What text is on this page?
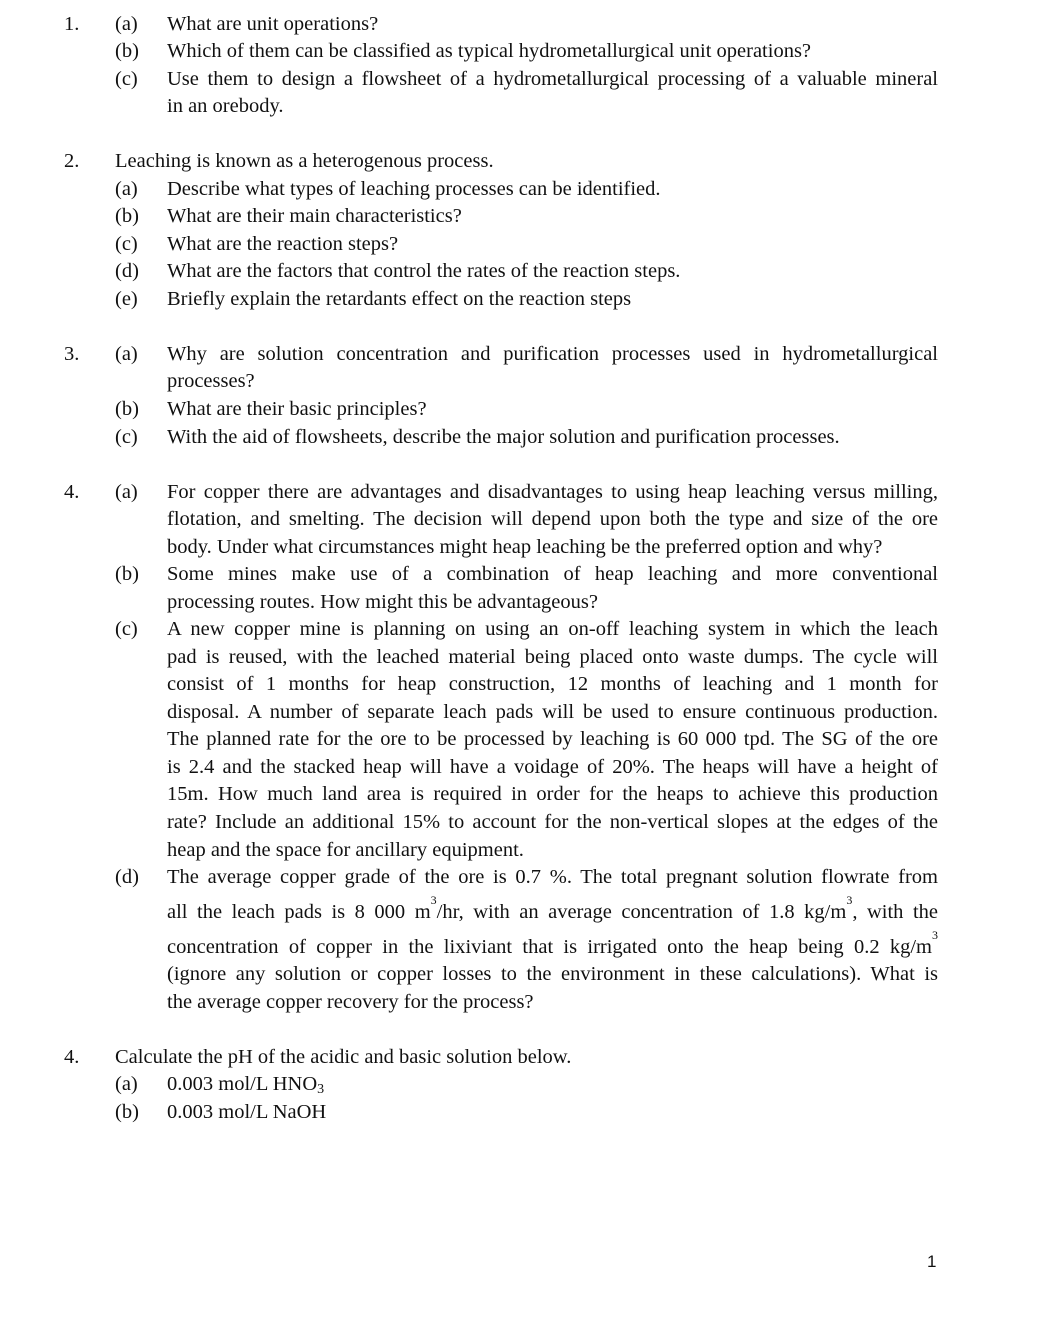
1. (a) What are unit operations?
(b) Which of them can be classified as typical hydrometallurgical unit operations?
(c) Use them to design a flowsheet of a hydrometallurgical processing of a valuable mineral
in an orebody.
2. Leaching is known as a heterogenous process.
(a) Describe what types of leaching processes can be identified.
(b) What are their main characteristics?
(c) What are the reaction steps?
(d) What are the factors that control the rates of the reaction steps.
(e) Briefly explain the retardants effect on the reaction steps
3. (a) Why are solution concentration and purification processes used in hydrometallurgical
processes?
(b) What are their basic principles?
(c) With the aid of flowsheets, describe the major solution and purification processes.
4. (a) For copper there are advantages and disadvantages to using heap leaching versus milling,
flotation, and smelting. The decision will depend upon both the type and size of the ore
body. Under what circumstances might heap leaching be the preferred option and why?
(b) Some mines make use of a combination of heap leaching and more conventional
processing routes. How might this be advantageous?
(c) A new copper mine is planning on using an on-off leaching system in which the leach
pad is reused, with the leached material being placed onto waste dumps. The cycle will
consist of 1 months for heap construction, 12 months of leaching and 1 month for
disposal. A number of separate leach pads will be used to ensure continuous production.
The planned rate for the ore to be processed by leaching is 60 000 tpd. The SG of the ore
is 2.4 and the stacked heap will have a voidage of 20%. The heaps will have a height of
15m. How much land area is required in order for the heaps to achieve this production
rate? Include an additional 15% to account for the non-vertical slopes at the edges of the
heap and the space for ancillary equipment.
(d) The average copper grade of the ore is 0.7 %. The total pregnant solution flowrate from
all the leach pads is 8 000 $m^3/hr$, with an average concentration of 1.8 $kg/m^3$, with the
concentration of copper in the lixiviant that is irrigated onto the heap being 0.2 $kg/m^3$
(ignore any solution or copper losses to the environment in these calculations). What is
the average copper recovery for the process?
4. Calculate the pH of the acidic and basic solution below.
(a) 0.003 mol/L HNO3
(b) 0.003 mol/L NaOH
1
